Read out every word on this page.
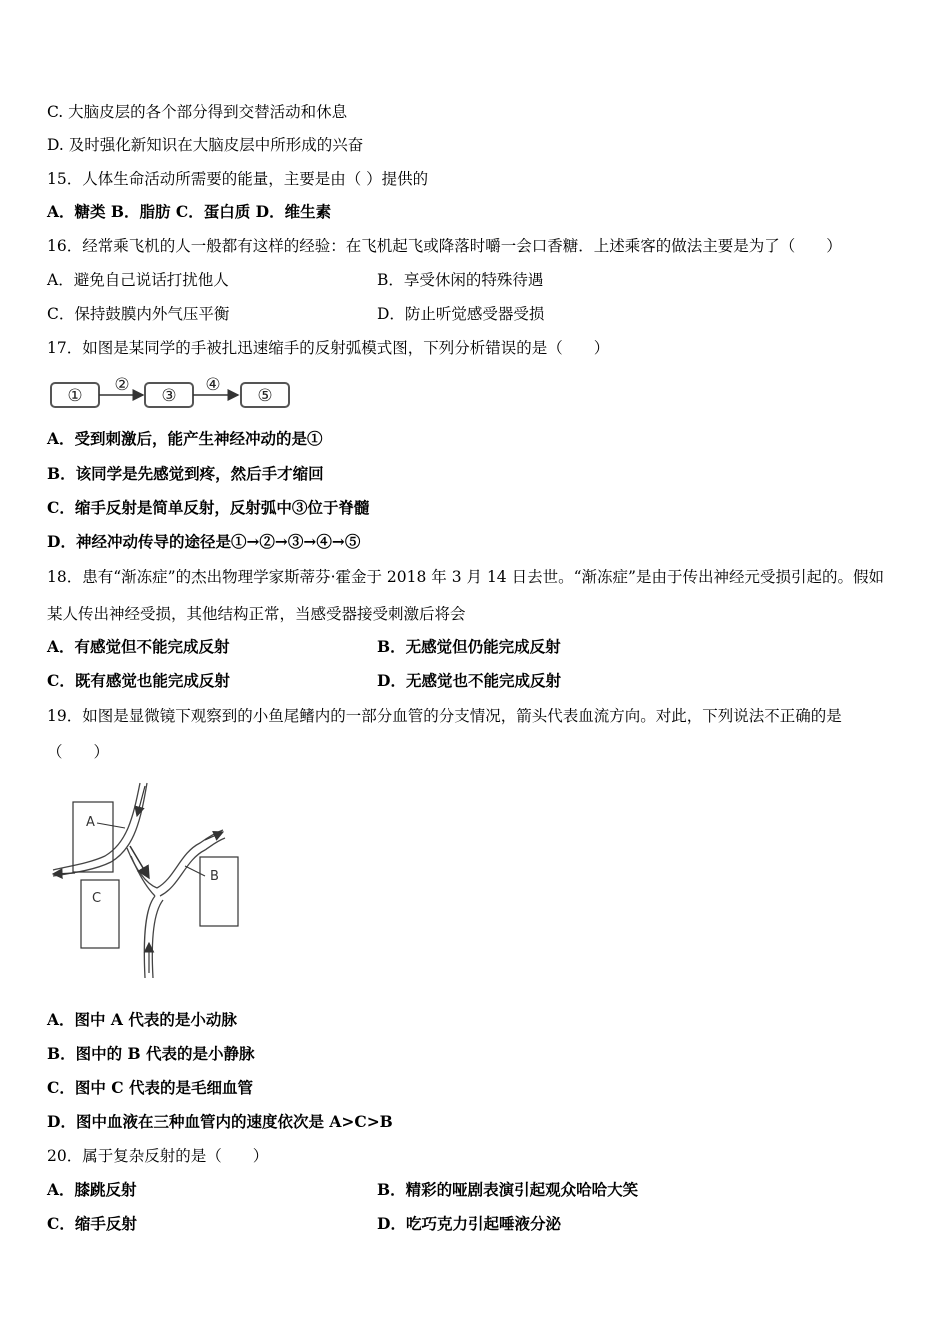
C. 大脑皮层的各个部分得到交替活动和休息
D. 及时强化新知识在大脑皮层中所形成的兴奋
15．人体生命活动所需要的能量，主要是由（ ）提供的
A．糖类 B．脂肪 C．蛋白质 D．维生素
16．经常乘飞机的人一般都有这样的经验：在飞机起飞或降落时嚼一会口香糖．上述乘客的做法主要是为了（　　）
A．避免自己说话打扰他人	B．享受休闲的特殊待遇
C．保持鼓膜内外气压平衡	D．防止听觉感受器受损
17．如图是某同学的手被扎迅速缩手的反射弧模式图，下列分析错误的是（　　）
①
②
③
④
⑤
A．受到刺激后，能产生神经冲动的是①
B．该同学是先感觉到疼，然后手才缩回
C．缩手反射是简单反射，反射弧中③位于脊髓
D．神经冲动传导的途径是①→②→③→④→⑤
18．患有“渐冻症”的杰出物理学家斯蒂芬·霍金于 2018 年 3 月 14 日去世。“渐冻症”是由于传出神经元受损引起的。假如
某人传出神经受损，其他结构正常，当感受器接受刺激后将会
A．有感觉但不能完成反射	B．无感觉但仍能完成反射
C．既有感觉也能完成反射	D．无感觉也不能完成反射
19．如图是显微镜下观察到的小鱼尾鳍内的一部分血管的分支情况，箭头代表血流方向。对此，下列说法不正确的是
（　　）
A
C
B
A．图中 A 代表的是小动脉
B．图中的 B 代表的是小静脉
C．图中 C 代表的是毛细血管
D．图中血液在三种血管内的速度依次是 A>C>B
20．属于复杂反射的是（　　）
A．膝跳反射	B．精彩的哑剧表演引起观众哈哈大笑
C．缩手反射	D．吃巧克力引起唾液分泌
